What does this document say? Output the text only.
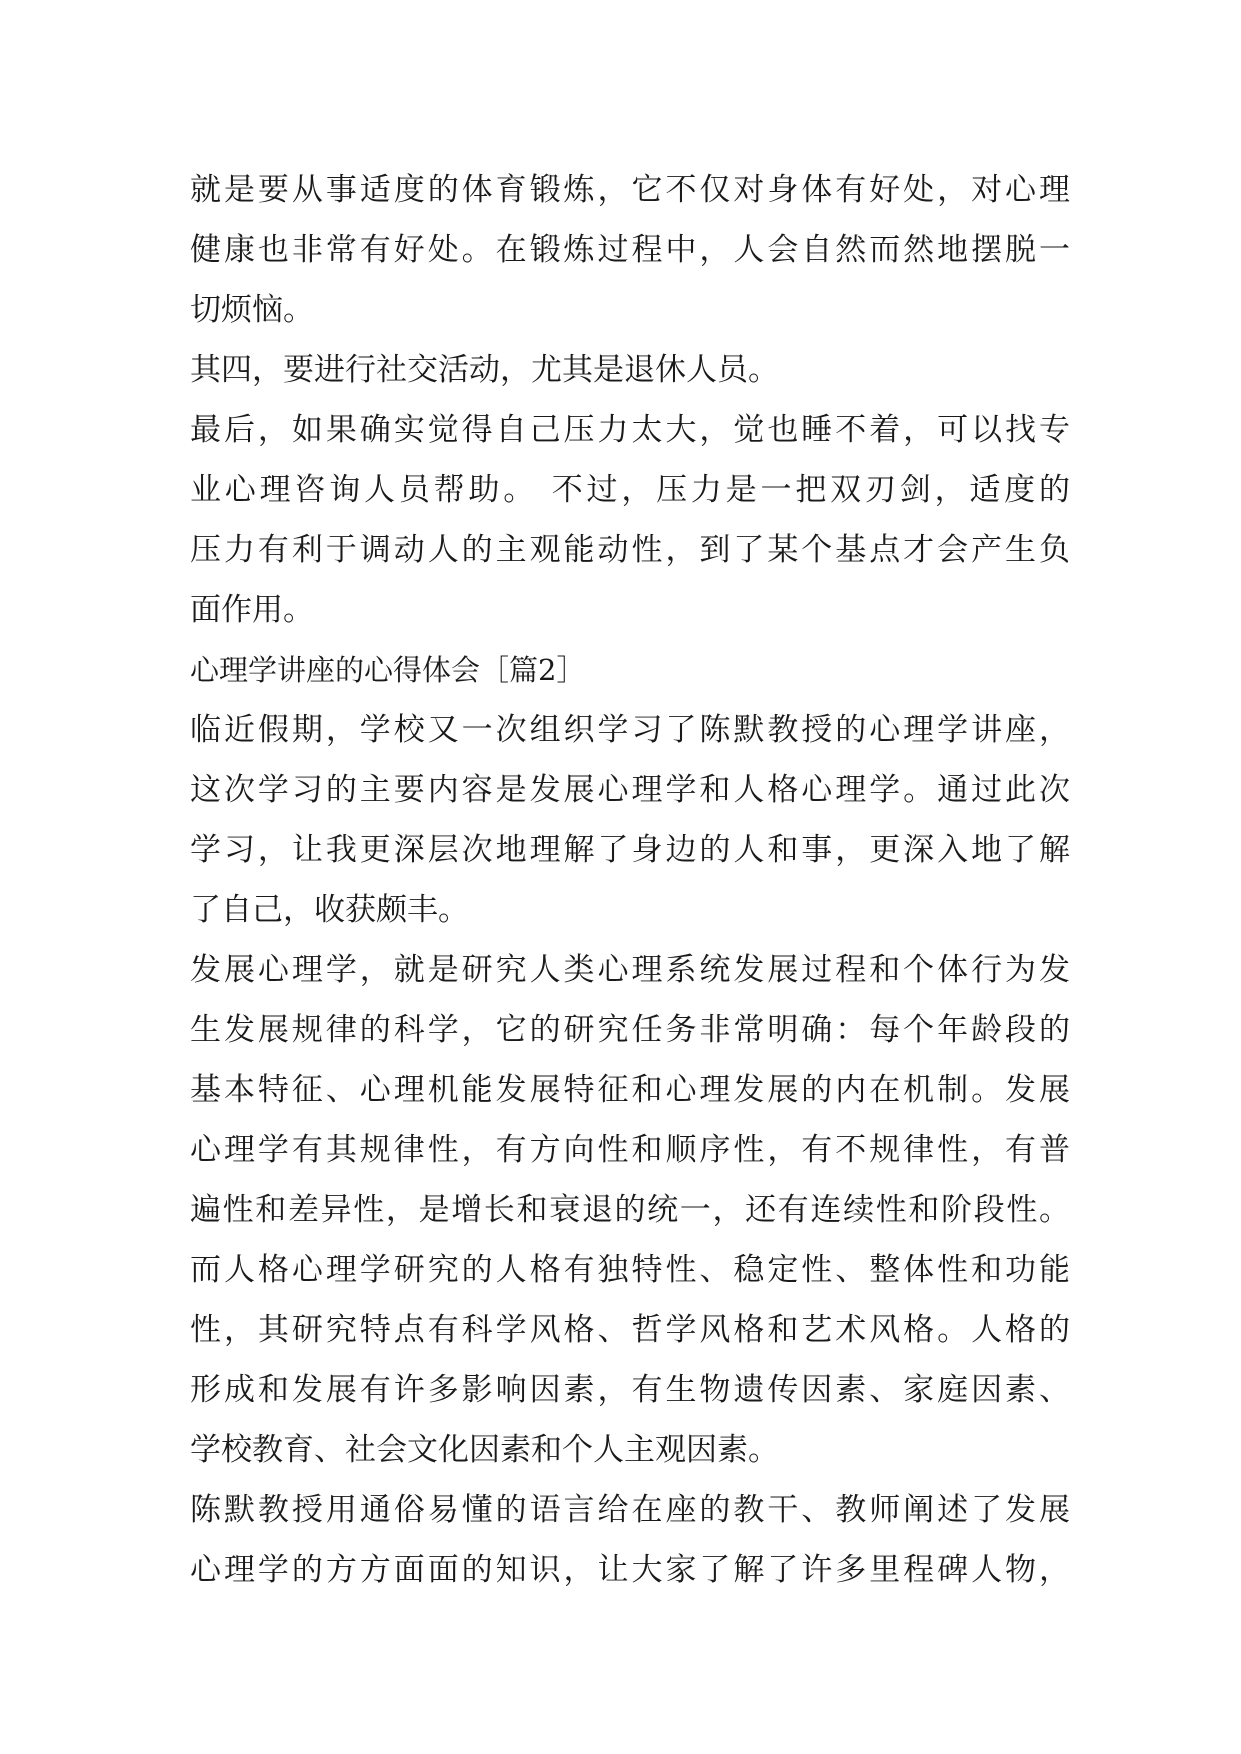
就是要从事适度的体育锻炼，它不仅对身体有好处，对心理
健康也非常有好处。在锻炼过程中，人会自然而然地摆脱一
切烦恼。
其四，要进行社交活动，尤其是退休人员。
最后，如果确实觉得自己压力太大，觉也睡不着，可以找专
业心理咨询人员帮助。 不过，压力是一把双刃剑，适度的
压力有利于调动人的主观能动性，到了某个基点才会产生负
面作用。
心理学讲座的心得体会［篇2］
临近假期，学校又一次组织学习了陈默教授的心理学讲座，
这次学习的主要内容是发展心理学和人格心理学。通过此次
学习，让我更深层次地理解了身边的人和事，更深入地了解
了自己，收获颇丰。
发展心理学，就是研究人类心理系统发展过程和个体行为发
生发展规律的科学，它的研究任务非常明确：每个年龄段的
基本特征、心理机能发展特征和心理发展的内在机制。发展
心理学有其规律性，有方向性和顺序性，有不规律性，有普
遍性和差异性，是增长和衰退的统一，还有连续性和阶段性。
而人格心理学研究的人格有独特性、稳定性、整体性和功能
性，其研究特点有科学风格、哲学风格和艺术风格。人格的
形成和发展有许多影响因素，有生物遗传因素、家庭因素、
学校教育、社会文化因素和个人主观因素。
陈默教授用通俗易懂的语言给在座的教干、教师阐述了发展
心理学的方方面面的知识，让大家了解了许多里程碑人物，
